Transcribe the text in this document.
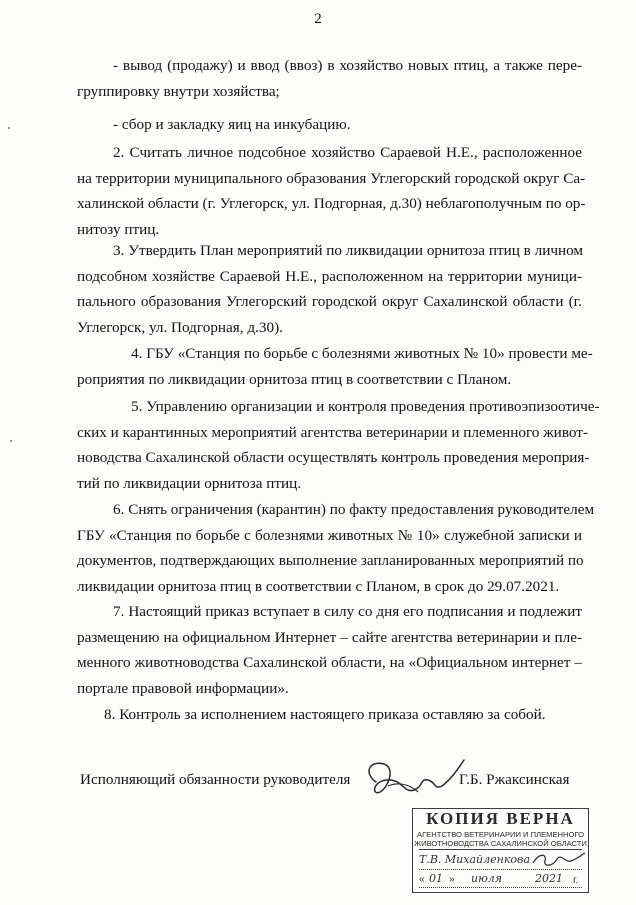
2
- вывод (продажу) и ввод (ввоз) в хозяйство новых птиц, а также пере-
группировку внутри хозяйства;
- сбор и закладку яиц на инкубацию.
2. Считать личное подсобное хозяйство Сараевой Н.Е., расположенное
на территории муниципального образования Углегорский городской округ Са-
халинской области (г. Углегорск, ул. Подгорная, д.30) неблагополучным по ор-
нитозу птиц.
3. Утвердить План мероприятий по ликвидации орнитоза птиц в личном
подсобном хозяйстве Сараевой Н.Е., расположенном на территории муници-
пального образования Углегорский городской округ Сахалинской области (г.
Углегорск, ул. Подгорная, д.30).
4. ГБУ «Станция по борьбе с болезнями животных № 10» провести ме-
роприятия по ликвидации орнитоза птиц в соответствии с Планом.
5. Управлению организации и контроля проведения противоэпизоотиче-
ских и карантинных мероприятий агентства ветеринарии и племенного живот-
новодства Сахалинской области осуществлять контроль проведения мероприя-
тий по ликвидации орнитоза птиц.
6. Снять ограничения (карантин) по факту предоставления руководителем
ГБУ «Станция по борьбе с болезнями животных № 10» служебной записки и
документов, подтверждающих выполнение запланированных мероприятий по
ликвидации орнитоза птиц в соответствии с Планом, в срок до 29.07.2021.
7. Настоящий приказ вступает в силу со дня его подписания и подлежит
размещению на официальном Интернет – сайте агентства ветеринарии и пле-
менного животноводства Сахалинской области, на «Официальном интернет –
портале правовой информации».
8. Контроль за исполнением настоящего приказа оставляю за собой.
Исполняющий обязанности руководителя	Г.Б. Ржаксинская
КОПИЯ ВЕРНА
АГЕНТСТВО ВЕТЕРИНАРИИ И ПЛЕМЕННОГО
ЖИВОТНОВОДСТВА САХАЛИНСКОЙ ОБЛАСТИ
Т.В. Михайленкова
« 01 » июля	2021 г.
